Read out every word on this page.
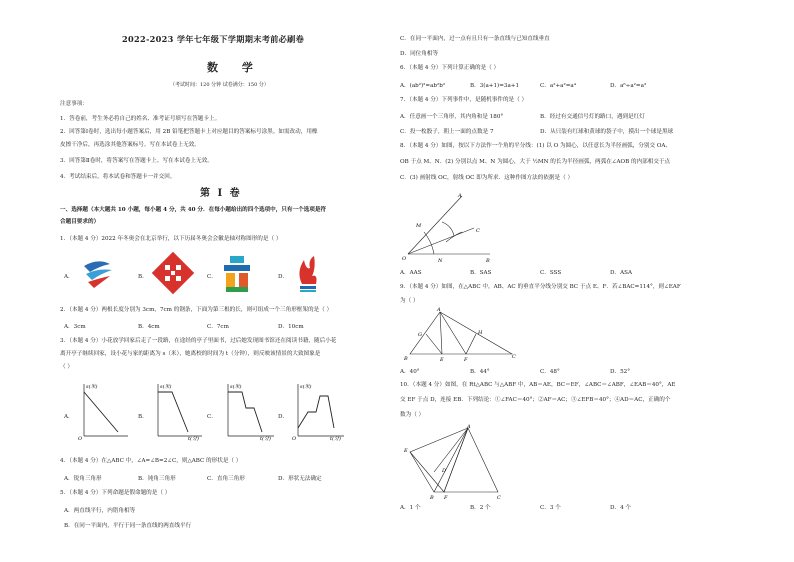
2022-2023 学年七年级下学期期末考前必刷卷
数 学
（考试时间：120 分钟 试卷满分：150 分）
注意事项：
1．答卷前，考生务必将自己的姓名、准考证号填写在答题卡上。
2．回答第Ⅰ卷时，选出每小题答案后，用 2B 铅笔把答题卡上对应题目的答案标号涂黑。如需改动，用橡
皮擦干净后，再选涂其他答案标号。写在本试卷上无效。
3．回答第Ⅱ卷时，将答案写在答题卡上。写在本试卷上无效。
4．考试结束后，将本试卷和答题卡一并交回。
第 Ⅰ 卷
一、选择题（本大题共 10 小题，每小题 4 分，共 40 分．在每小题给出的四个选项中，只有一个选项是符
合题目要求的）
1．（本题 4 分）2022 年冬奥会在北京举行，以下历届冬奥会会徽是轴对称图形的是（ ）
A．	B．	C．	D．
2．（本题 4 分）两根长度分别为 3cm，7cm 的钢条，下面为第三根的长，则可组成一个三角形框架的是（ ）
A．3cm	B．4cm	C．7cm	D．10cm
3．（本题 4 分）小花放学回家后走了一段路，在途经的亭子里面书，过后她发现图书馆还在阅读书籍，随后小花
离开亭子继续回家，设小花与家的距离为 s（米），她离校的时间为 t（分钟），则反映该情景的大致图象是
（ ）
A．
s(米)
O
B．
s(米)
t(分)
C．
s(米)
t(分)
D．
s(米)
O	t(分)
4．（本题 4 分）在△ABC 中，∠A=∠B=2∠C，则△ABC 的形状是（ ）
A．锐角三角形	B．钝角三角形	C．直角三角形	D．形状无法确定
5．（本题 4 分）下列命题是假命题的是（ ）
A．两直线平行，内错角相等
B．在同一平面内，平行于同一条直线的两直线平行
C．在同一平面内，过一点有且只有一条直线与已知直线垂直
D．同位角相等
6．（本题 4 分）下列计算正确的是（ ）
A．(ab²)²=ab²b²	B．3(a+1)=3a+1	C．a²+a²=a⁴	D．a⁶÷a²=a³
7．（本题 4 分）下列事件中，是随机事件的是（ ）
A．任意画一个三角形，其内角和是 180°	B．经过有交通信号灯的路口，遇到是红灯
C．投一枚骰子，朝上一面的点数是 7	D．从只装有红球和黄球的袋子中，摸出一个球是黑球
8．（本题 4 分）如图，按以下方法作一个角的平分线：(1) 以 O 为圆心，以任意长为半径画弧，分别交 OA、
OB 于点 M、N．(2) 分别以点 M、N 为圆心，大于 ½MN 的长为半径画弧，两弧在∠AOB 的内部相交于点
C．(3) 画射线 OC，射线 OC 即为所求．这种作图方法的依据是（ ）
A
M
C
O	N	B
A．AAS	B．SAS	C．SSS	D．ASA
9．（本题 4 分）如图，在△ABC 中，AB、AC 的垂直平分线分别交 BC 于点 E、F．若∠BAC=114°，则∠EAF
为（ ）
A
G	H
B	E	F	C
A．40°	B．44°	C．48°	D．52°
10．（本题 4 分）如图，在 Rt△ABC 与△ABF 中，AB＝AE，BC＝EF，∠ABC＝∠ABF，∠EAB＝40°，AE
交 EF 于点 D，连接 EB．下列结论：①∠FAC＝40°；②AF＝AC；③∠EFB＝40°；④AD＝AC，正确的个
数为（ ）
A
E
D
B F	C
A．1 个	B．2 个	C．3 个	D．4 个
